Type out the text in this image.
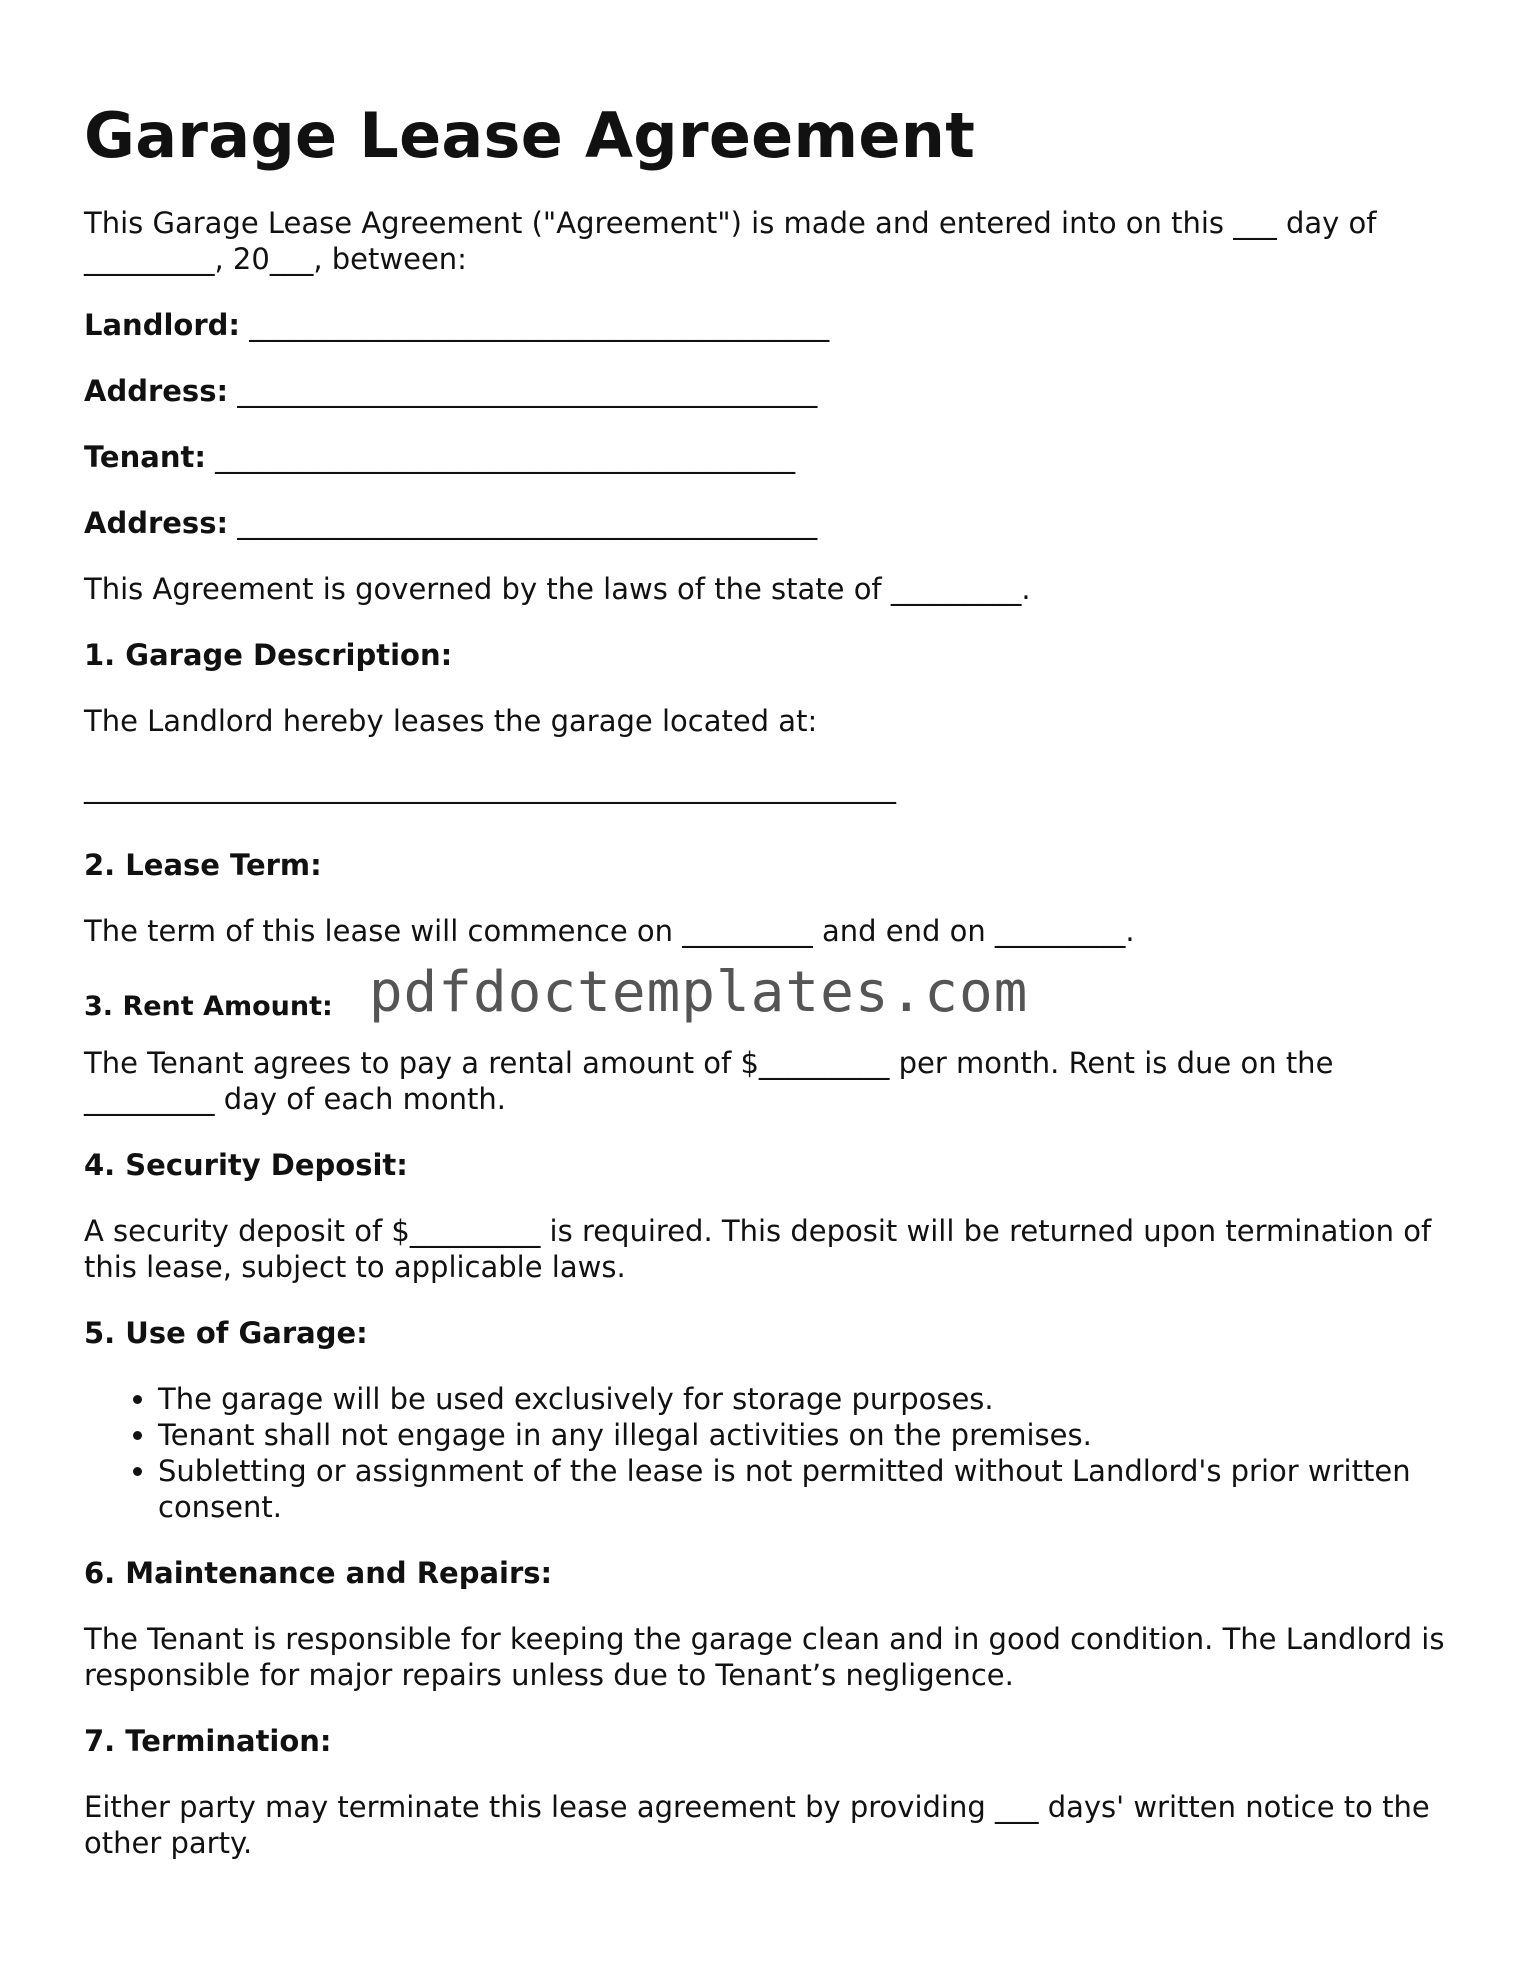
Garage Lease Agreement

This Garage Lease Agreement ("Agreement") is made and entered into on this ___ day of _________, 20___, between:

Landlord: ________________________________________
Address: ________________________________________
Tenant: ________________________________________
Address: ________________________________________

This Agreement is governed by the laws of the state of _________.

1. Garage Description:

The Landlord hereby leases the garage located at:

________________________________________________________
2. Lease Term:

The term of this lease will commence on _________ and end on _________.

3. Rent Amount: pdfdoctemplates.com

The Tenant agrees to pay a rental amount of $_________ per month. Rent is due on the _________ day of each month.

4. Security Deposit:

A security deposit of $_________ is required. This deposit will be returned upon termination of this lease, subject to applicable laws.

5. Use of Garage:
• The garage will be used exclusively for storage purposes.
• Tenant shall not engage in any illegal activities on the premises.
• Subletting or assignment of the lease is not permitted without Landlord's prior written consent.
6. Maintenance and Repairs:

The Tenant is responsible for keeping the garage clean and in good condition. The Landlord is responsible for major repairs unless due to Tenant’s negligence.

7. Termination:

Either party may terminate this lease agreement by providing ___ days' written notice to the other party.
